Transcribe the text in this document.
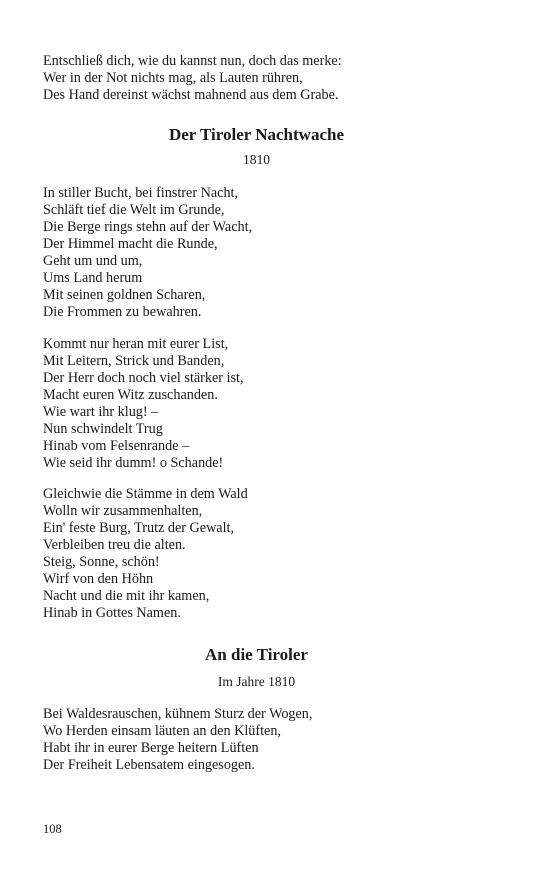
Entschließ dich, wie du kannst nun, doch das merke:
Wer in der Not nichts mag, als Lauten rühren,
Des Hand dereinst wächst mahnend aus dem Grabe.
Der Tiroler Nachtwache
1810
In stiller Bucht, bei finstrer Nacht,
Schläft tief die Welt im Grunde,
Die Berge rings stehn auf der Wacht,
Der Himmel macht die Runde,
Geht um und um,
Ums Land herum
Mit seinen goldnen Scharen,
Die Frommen zu bewahren.
Kommt nur heran mit eurer List,
Mit Leitern, Strick und Banden,
Der Herr doch noch viel stärker ist,
Macht euren Witz zuschanden.
Wie wart ihr klug! –
Nun schwindelt Trug
Hinab vom Felsenrande –
Wie seid ihr dumm! o Schande!
Gleichwie die Stämme in dem Wald
Wolln wir zusammenhalten,
Ein' feste Burg, Trutz der Gewalt,
Verbleiben treu die alten.
Steig, Sonne, schön!
Wirf von den Höhn
Nacht und die mit ihr kamen,
Hinab in Gottes Namen.
An die Tiroler
Im Jahre 1810
Bei Waldesrauschen, kühnem Sturz der Wogen,
Wo Herden einsam läuten an den Klüften,
Habt ihr in eurer Berge heitern Lüften
Der Freiheit Lebensatem eingesogen.
108
